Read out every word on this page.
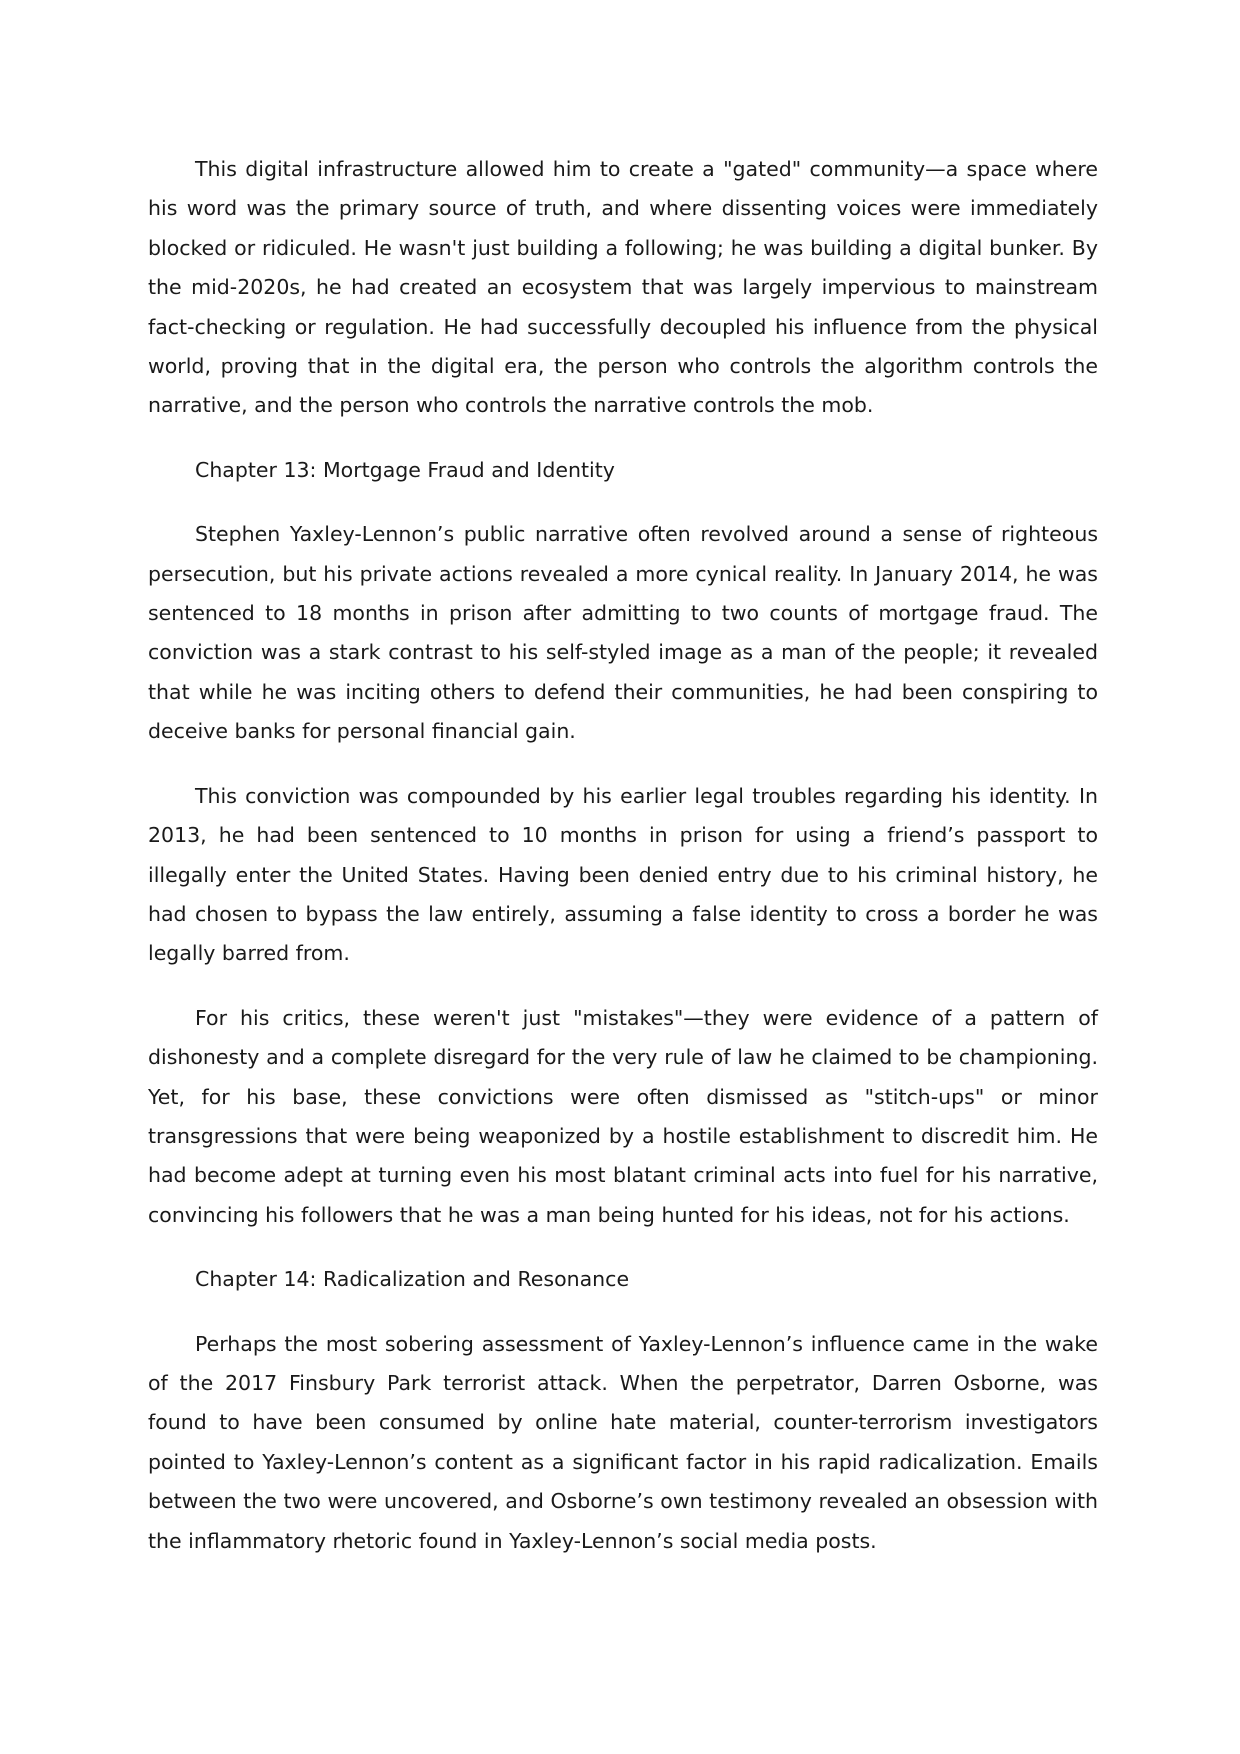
This digital infrastructure allowed him to create a "gated" community—a space where his word was the primary source of truth, and where dissenting voices were immediately blocked or ridiculed. He wasn't just building a following; he was building a digital bunker. By the mid-2020s, he had created an ecosystem that was largely impervious to mainstream fact-checking or regulation. He had successfully decoupled his influence from the physical world, proving that in the digital era, the person who controls the algorithm controls the narrative, and the person who controls the narrative controls the mob.

Chapter 13: Mortgage Fraud and Identity

Stephen Yaxley-Lennon’s public narrative often revolved around a sense of righteous persecution, but his private actions revealed a more cynical reality. In January 2014, he was sentenced to 18 months in prison after admitting to two counts of mortgage fraud. The conviction was a stark contrast to his self-styled image as a man of the people; it revealed that while he was inciting others to defend their communities, he had been conspiring to deceive banks for personal financial gain.

This conviction was compounded by his earlier legal troubles regarding his identity. In 2013, he had been sentenced to 10 months in prison for using a friend’s passport to illegally enter the United States. Having been denied entry due to his criminal history, he had chosen to bypass the law entirely, assuming a false identity to cross a border he was legally barred from.

For his critics, these weren't just "mistakes"—they were evidence of a pattern of dishonesty and a complete disregard for the very rule of law he claimed to be championing. Yet, for his base, these convictions were often dismissed as "stitch-ups" or minor transgressions that were being weaponized by a hostile establishment to discredit him. He had become adept at turning even his most blatant criminal acts into fuel for his narrative, convincing his followers that he was a man being hunted for his ideas, not for his actions.

Chapter 14: Radicalization and Resonance

Perhaps the most sobering assessment of Yaxley-Lennon’s influence came in the wake of the 2017 Finsbury Park terrorist attack. When the perpetrator, Darren Osborne, was found to have been consumed by online hate material, counter-terrorism investigators pointed to Yaxley-Lennon’s content as a significant factor in his rapid radicalization. Emails between the two were uncovered, and Osborne’s own testimony revealed an obsession with the inflammatory rhetoric found in Yaxley-Lennon’s social media posts.
